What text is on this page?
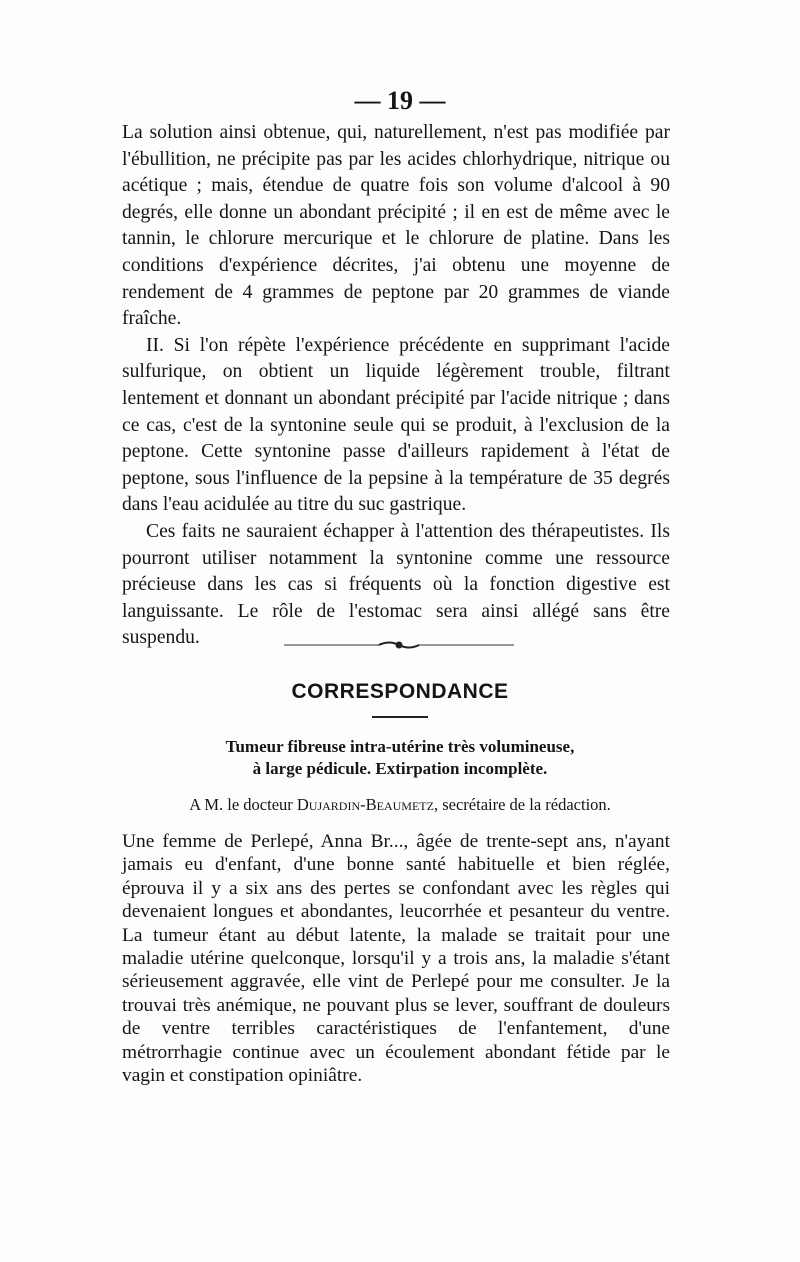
— 19 —

La solution ainsi obtenue, qui, naturellement, n'est pas modifiée par l'ébullition, ne précipite pas par les acides chlorhydrique, nitrique ou acétique ; mais, étendue de quatre fois son volume d'alcool à 90 degrés, elle donne un abondant précipité ; il en est de même avec le tannin, le chlorure mercurique et le chlorure de platine. Dans les conditions d'expérience décrites, j'ai obtenu une moyenne de rendement de 4 grammes de peptone par 20 grammes de viande fraîche.

II. Si l'on répète l'expérience précédente en supprimant l'acide sulfurique, on obtient un liquide légèrement trouble, filtrant lentement et donnant un abondant précipité par l'acide nitrique ; dans ce cas, c'est de la syntonine seule qui se produit, à l'exclusion de la peptone. Cette syntonine passe d'ailleurs rapidement à l'état de peptone, sous l'influence de la pepsine à la température de 35 degrés dans l'eau acidulée au titre du suc gastrique.

Ces faits ne sauraient échapper à l'attention des thérapeutistes. Ils pourront utiliser notamment la syntonine comme une ressource précieuse dans les cas si fréquents où la fonction digestive est languissante. Le rôle de l'estomac sera ainsi allégé sans être suspendu.

CORRESPONDANCE
Tumeur fibreuse intra-utérine très volumineuse,
à large pédicule. Extirpation incomplète.
A M. le docteur Dujardin-Beaumetz, secrétaire de la rédaction.

Une femme de Perlepé, Anna Br..., âgée de trente-sept ans, n'ayant jamais eu d'enfant, d'une bonne santé habituelle et bien réglée, éprouva il y a six ans des pertes se confondant avec les règles qui devenaient longues et abondantes, leucorrhée et pesanteur du ventre. La tumeur étant au début latente, la malade se traitait pour une maladie utérine quelconque, lorsqu'il y a trois ans, la maladie s'étant sérieusement aggravée, elle vint de Perlepé pour me consulter. Je la trouvai très anémique, ne pouvant plus se lever, souffrant de douleurs de ventre terribles caractéristiques de l'enfantement, d'une métrorrhagie continue avec un écoulement abondant fétide par le vagin et constipation opiniâtre.
